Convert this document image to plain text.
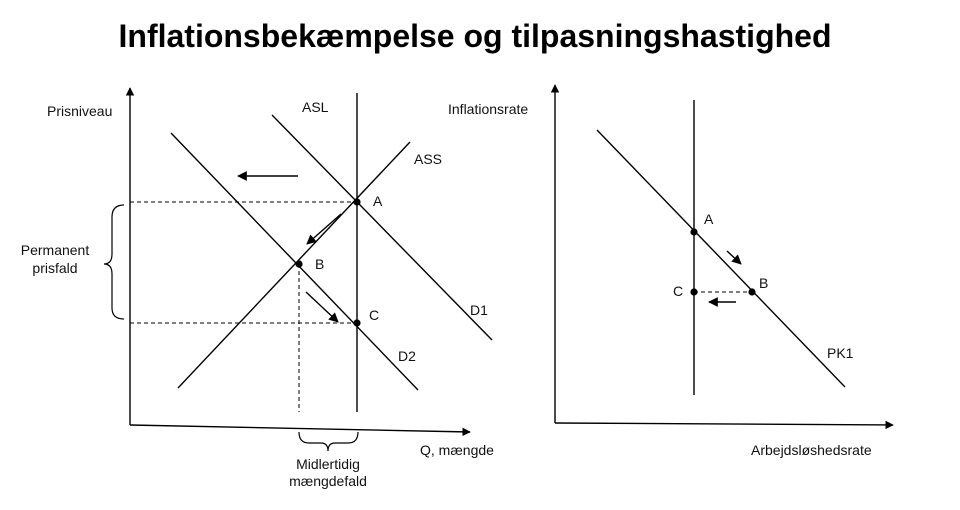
Inflationsbekæmpelse og tilpasningshastighed
Prisniveau
Q, mængde
ASL
ASS
D1
D2
A
B
C
Permanent
prisfald
Midlertidig
mængdefald
Inflationsrate
Arbejdsløshedsrate
PK1
A
B
C
